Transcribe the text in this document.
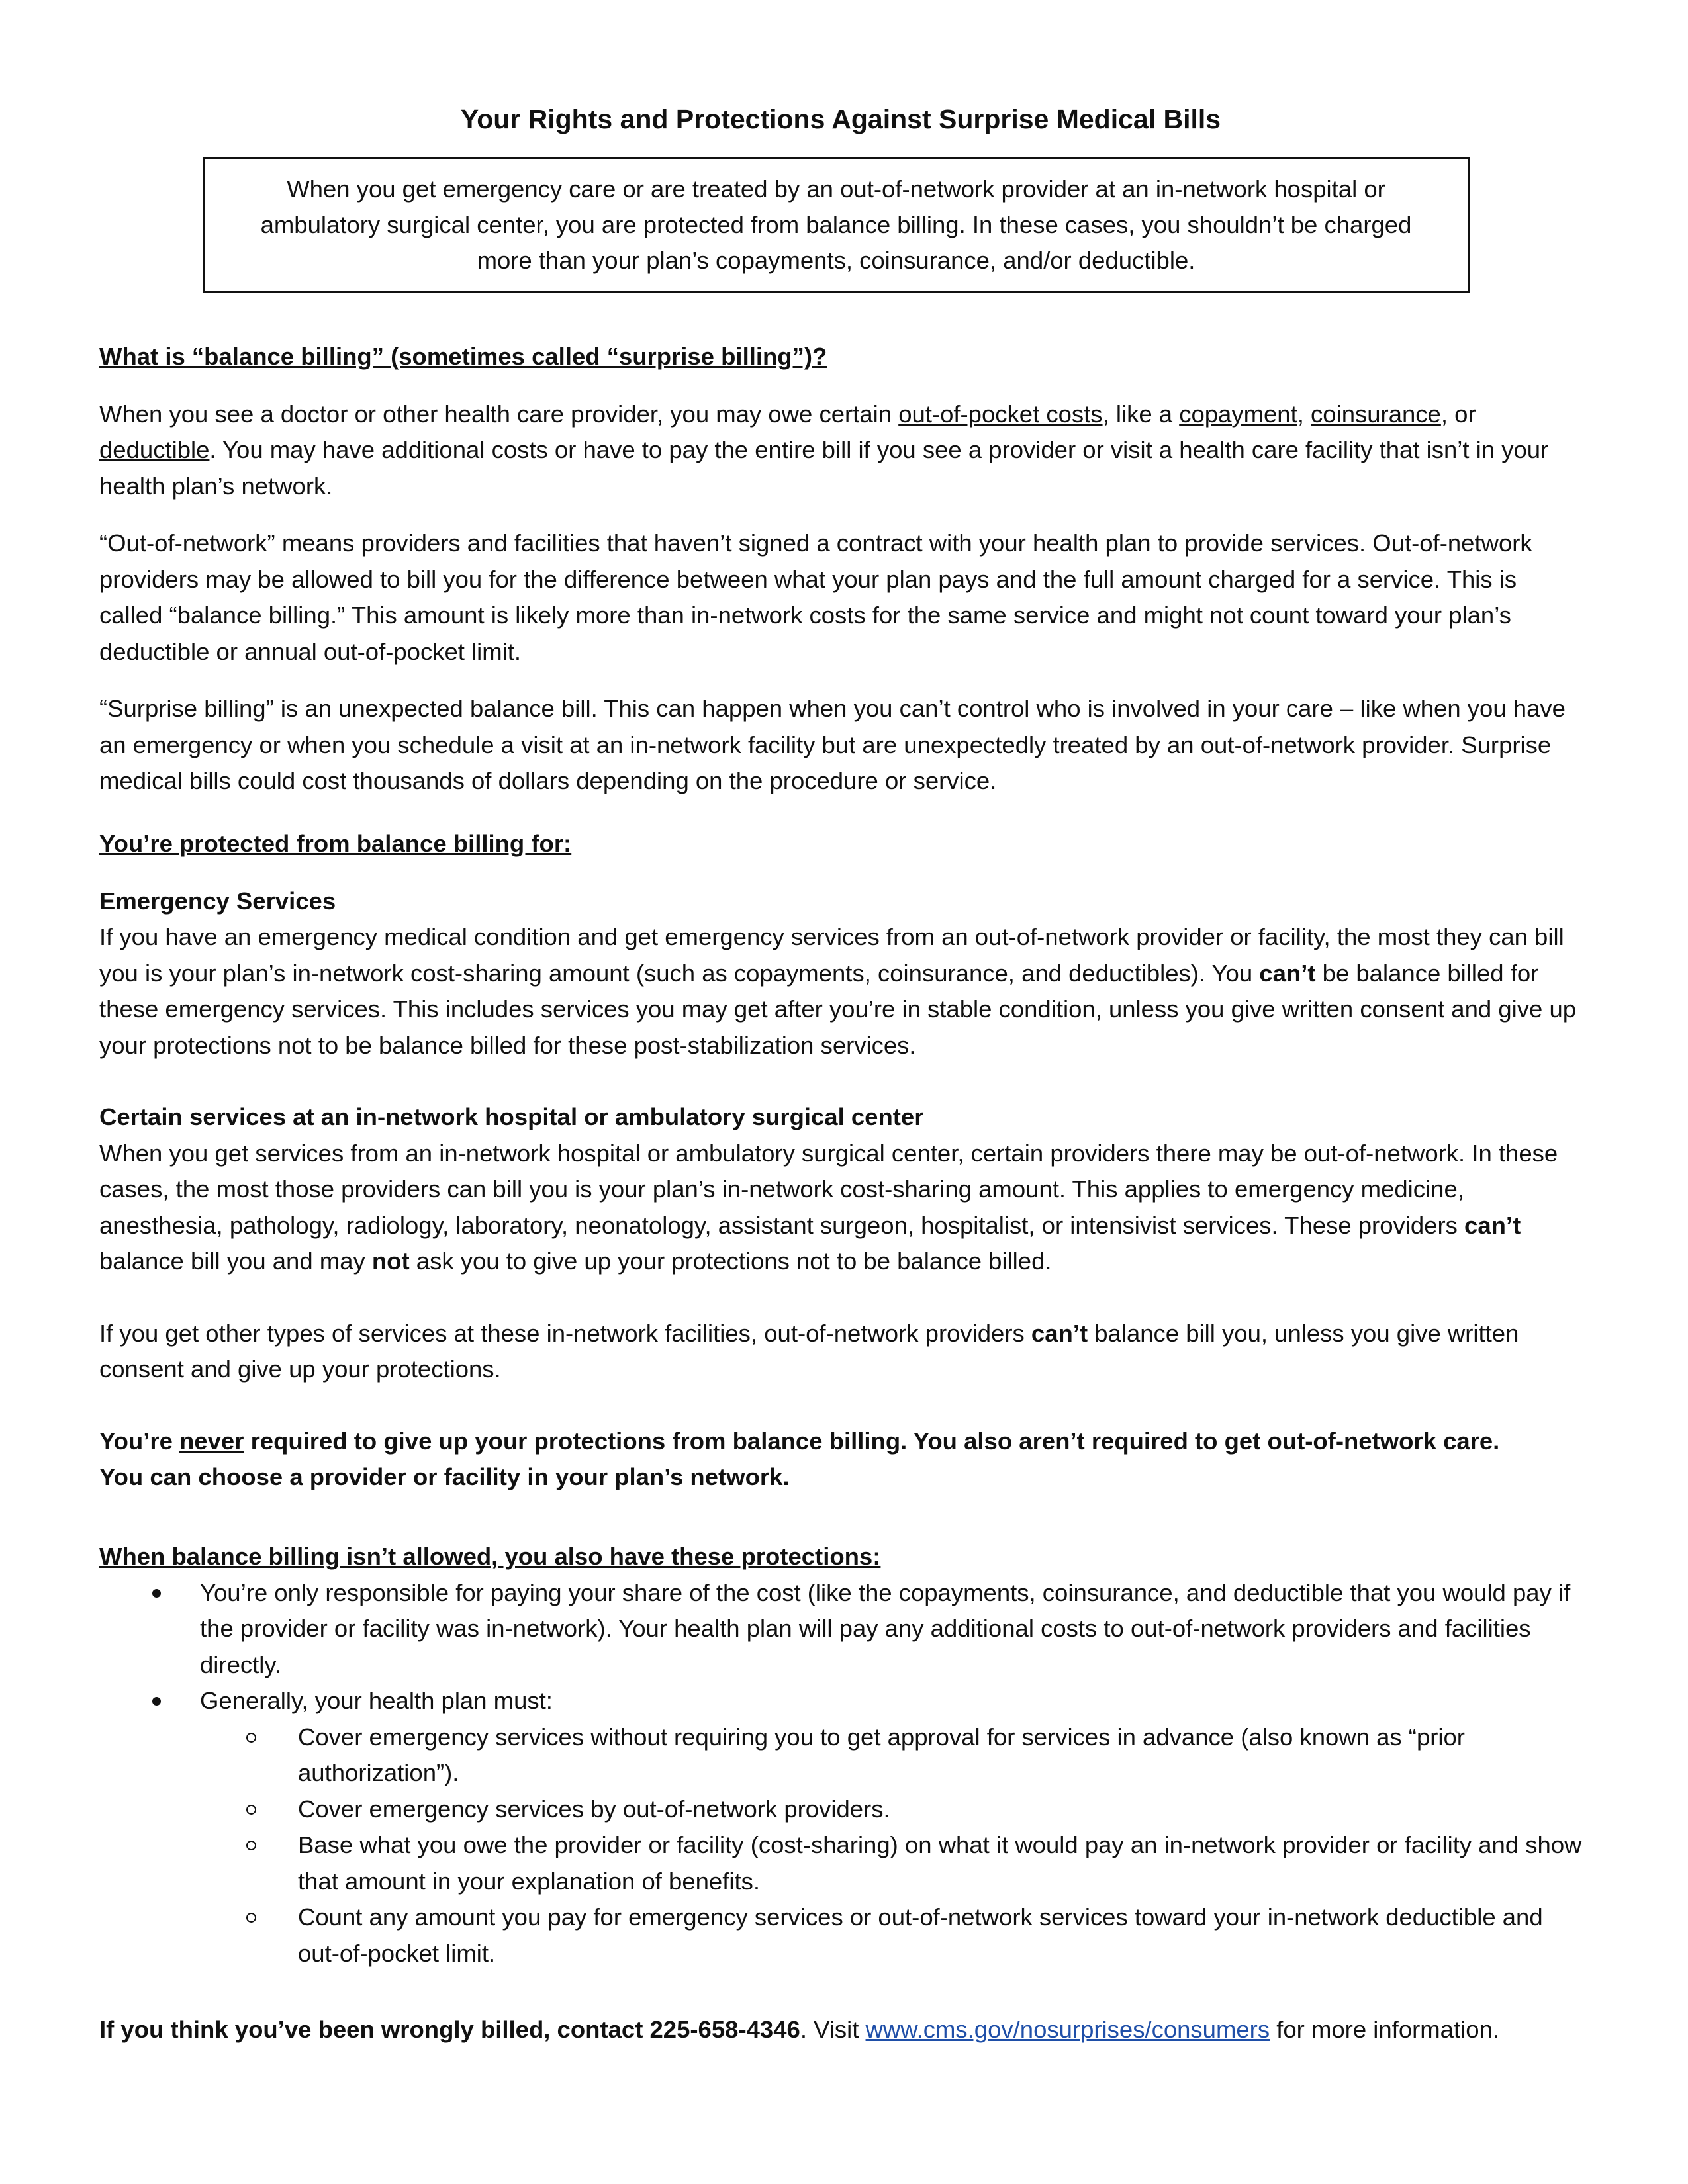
Your Rights and Protections Against Surprise Medical Bills
When you get emergency care or are treated by an out-of-network provider at an in-network hospital or ambulatory surgical center, you are protected from balance billing. In these cases, you shouldn’t be charged more than your plan’s copayments, coinsurance, and/or deductible.

What is “balance billing” (sometimes called “surprise billing”)?

When you see a doctor or other health care provider, you may owe certain out-of-pocket costs, like a copayment, coinsurance, or deductible. You may have additional costs or have to pay the entire bill if you see a provider or visit a health care facility that isn’t in your health plan’s network.

“Out-of-network” means providers and facilities that haven’t signed a contract with your health plan to provide services. Out-of-network providers may be allowed to bill you for the difference between what your plan pays and the full amount charged for a service. This is called “balance billing.” This amount is likely more than in-network costs for the same service and might not count toward your plan’s deductible or annual out-of-pocket limit.

“Surprise billing” is an unexpected balance bill. This can happen when you can’t control who is involved in your care – like when you have an emergency or when you schedule a visit at an in-network facility but are unexpectedly treated by an out-of-network provider. Surprise medical bills could cost thousands of dollars depending on the procedure or service.

You’re protected from balance billing for:

Emergency Services

If you have an emergency medical condition and get emergency services from an out-of-network provider or facility, the most they can bill you is your plan’s in-network cost-sharing amount (such as copayments, coinsurance, and deductibles). You can’t be balance billed for these emergency services. This includes services you may get after you’re in stable condition, unless you give written consent and give up your protections not to be balance billed for these post-stabilization services.

Certain services at an in-network hospital or ambulatory surgical center

When you get services from an in-network hospital or ambulatory surgical center, certain providers there may be out-of-network. In these cases, the most those providers can bill you is your plan’s in-network cost-sharing amount. This applies to emergency medicine, anesthesia, pathology, radiology, laboratory, neonatology, assistant surgeon, hospitalist, or intensivist services. These providers can’t balance bill you and may not ask you to give up your protections not to be balance billed.

If you get other types of services at these in-network facilities, out-of-network providers can’t balance bill you, unless you give written consent and give up your protections.

You’re never required to give up your protections from balance billing. You also aren’t required to get out-of-network care.

You can choose a provider or facility in your plan’s network.

When balance billing isn’t allowed, you also have these protections:

You’re only responsible for paying your share of the cost (like the copayments, coinsurance, and deductible that you would pay if the provider or facility was in-network). Your health plan will pay any additional costs to out-of-network providers and facilities directly.
Generally, your health plan must:
Cover emergency services without requiring you to get approval for services in advance (also known as “prior authorization”).
Cover emergency services by out-of-network providers.
Base what you owe the provider or facility (cost-sharing) on what it would pay an in-network provider or facility and show that amount in your explanation of benefits.
Count any amount you pay for emergency services or out-of-network services toward your in-network deductible and out-of-pocket limit.

If you think you’ve been wrongly billed, contact 225-658-4346. Visit www.cms.gov/nosurprises/consumers for more information.
